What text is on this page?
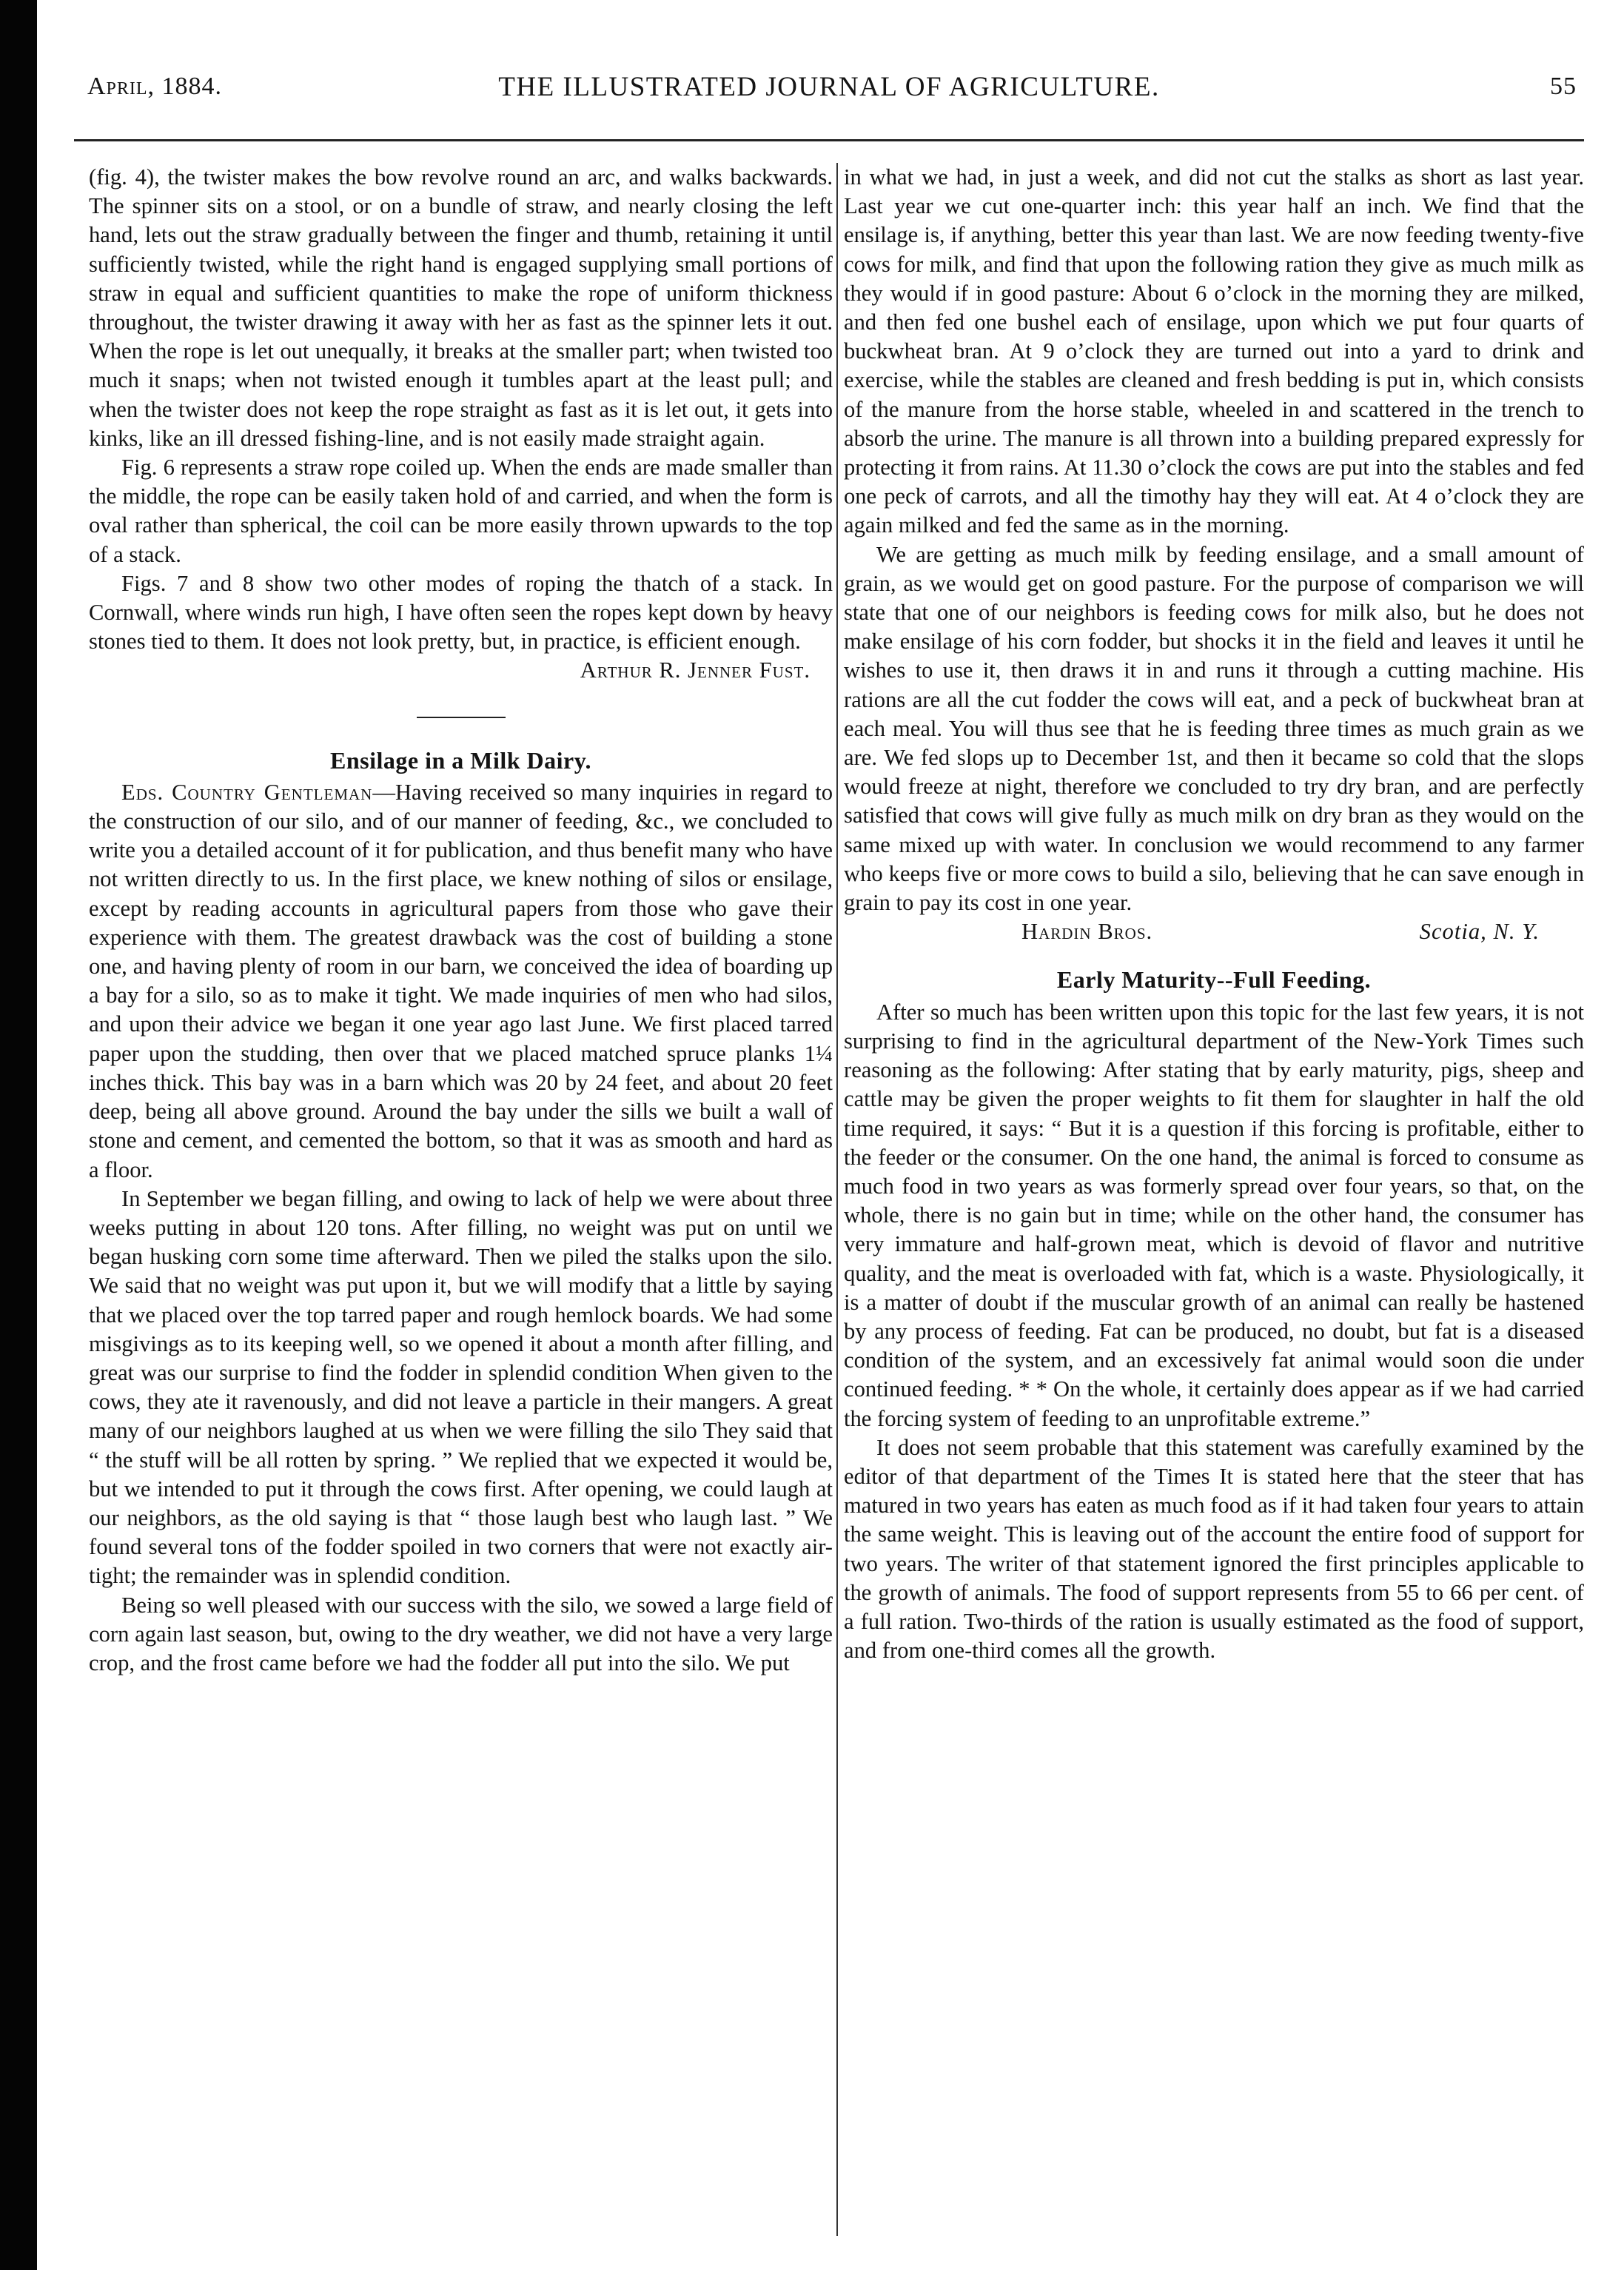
April, 1884.	THE ILLUSTRATED JOURNAL OF AGRICULTURE.	55

(fig. 4), the twister makes the bow revolve round an arc, and walks backwards. The spinner sits on a stool, or on a bundle of straw, and nearly closing the left hand, lets out the straw gradually between the finger and thumb, retaining it until sufficiently twisted, while the right hand is engaged supplying small portions of straw in equal and sufficient quantities to make the rope of uniform thickness throughout, the twister drawing it away with her as fast as the spinner lets it out. When the rope is let out unequally, it breaks at the smaller part; when twisted too much it snaps; when not twisted enough it tumbles apart at the least pull; and when the twister does not keep the rope straight as fast as it is let out, it gets into kinks, like an ill dressed fishing-line, and is not easily made straight again.

Fig. 6 represents a straw rope coiled up. When the ends are made smaller than the middle, the rope can be easily taken hold of and carried, and when the form is oval rather than spherical, the coil can be more easily thrown upwards to the top of a stack.

Figs. 7 and 8 show two other modes of roping the thatch of a stack. In Cornwall, where winds run high, I have often seen the ropes kept down by heavy stones tied to them. It does not look pretty, but, in practice, is efficient enough.

Arthur R. Jenner Fust.
Ensilage in a Milk Dairy.

Eds. Country Gentleman—Having received so many inquiries in regard to the construction of our silo, and of our manner of feeding, &c., we concluded to write you a detailed account of it for publication, and thus benefit many who have not written directly to us. In the first place, we knew nothing of silos or ensilage, except by reading accounts in agricultural papers from those who gave their experience with them. The greatest drawback was the cost of building a stone one, and having plenty of room in our barn, we conceived the idea of boarding up a bay for a silo, so as to make it tight. We made inquiries of men who had silos, and upon their advice we began it one year ago last June. We first placed tarred paper upon the studding, then over that we placed matched spruce planks 1¼ inches thick. This bay was in a barn which was 20 by 24 feet, and about 20 feet deep, being all above ground. Around the bay under the sills we built a wall of stone and cement, and cemented the bottom, so that it was as smooth and hard as a floor.

In September we began filling, and owing to lack of help we were about three weeks putting in about 120 tons. After filling, no weight was put on until we began husking corn some time afterward. Then we piled the stalks upon the silo. We said that no weight was put upon it, but we will modify that a little by saying that we placed over the top tarred paper and rough hemlock boards. We had some misgivings as to its keeping well, so we opened it about a month after filling, and great was our surprise to find the fodder in splendid condition When given to the cows, they ate it ravenously, and did not leave a particle in their mangers. A great many of our neighbors laughed at us when we were filling the silo They said that “ the stuff will be all rotten by spring. ” We replied that we expected it would be, but we intended to put it through the cows first. After opening, we could laugh at our neighbors, as the old saying is that “ those laugh best who laugh last. ” We found several tons of the fodder spoiled in two corners that were not exactly air-tight; the remainder was in splendid condition.

Being so well pleased with our success with the silo, we sowed a large field of corn again last season, but, owing to the dry weather, we did not have a very large crop, and the frost came before we had the fodder all put into the silo. We put

in what we had, in just a week, and did not cut the stalks as short as last year. Last year we cut one-quarter inch: this year half an inch. We find that the ensilage is, if anything, better this year than last. We are now feeding twenty-five cows for milk, and find that upon the following ration they give as much milk as they would if in good pasture: About 6 o’clock in the morning they are milked, and then fed one bushel each of ensilage, upon which we put four quarts of buckwheat bran. At 9 o’clock they are turned out into a yard to drink and exercise, while the stables are cleaned and fresh bedding is put in, which consists of the manure from the horse stable, wheeled in and scattered in the trench to absorb the urine. The manure is all thrown into a building prepared expressly for protecting it from rains. At 11.30 o’clock the cows are put into the stables and fed one peck of carrots, and all the timothy hay they will eat. At 4 o’clock they are again milked and fed the same as in the morning.

We are getting as much milk by feeding ensilage, and a small amount of grain, as we would get on good pasture. For the purpose of comparison we will state that one of our neighbors is feeding cows for milk also, but he does not make ensilage of his corn fodder, but shocks it in the field and leaves it until he wishes to use it, then draws it in and runs it through a cutting machine. His rations are all the cut fodder the cows will eat, and a peck of buckwheat bran at each meal. You will thus see that he is feeding three times as much grain as we are. We fed slops up to December 1st, and then it became so cold that the slops would freeze at night, therefore we concluded to try dry bran, and are perfectly satisfied that cows will give fully as much milk on dry bran as they would on the same mixed up with water. In conclusion we would recommend to any farmer who keeps five or more cows to build a silo, believing that he can save enough in grain to pay its cost in one year.

Hardin Bros.	Scotia, N. Y.
Early Maturity--Full Feeding.

After so much has been written upon this topic for the last few years, it is not surprising to find in the agricultural department of the New-York Times such reasoning as the following: After stating that by early maturity, pigs, sheep and cattle may be given the proper weights to fit them for slaughter in half the old time required, it says: “ But it is a question if this forcing is profitable, either to the feeder or the consumer. On the one hand, the animal is forced to consume as much food in two years as was formerly spread over four years, so that, on the whole, there is no gain but in time; while on the other hand, the consumer has very immature and half-grown meat, which is devoid of flavor and nutritive quality, and the meat is overloaded with fat, which is a waste. Physiologically, it is a matter of doubt if the muscular growth of an animal can really be hastened by any process of feeding. Fat can be produced, no doubt, but fat is a diseased condition of the system, and an excessively fat animal would soon die under continued feeding. * * On the whole, it certainly does appear as if we had carried the forcing system of feeding to an unprofitable extreme.”

It does not seem probable that this statement was carefully examined by the editor of that department of the Times It is stated here that the steer that has matured in two years has eaten as much food as if it had taken four years to attain the same weight. This is leaving out of the account the entire food of support for two years. The writer of that statement ignored the first principles applicable to the growth of animals. The food of support represents from 55 to 66 per cent. of a full ration. Two-thirds of the ration is usually estimated as the food of support, and from one-third comes all the growth.
